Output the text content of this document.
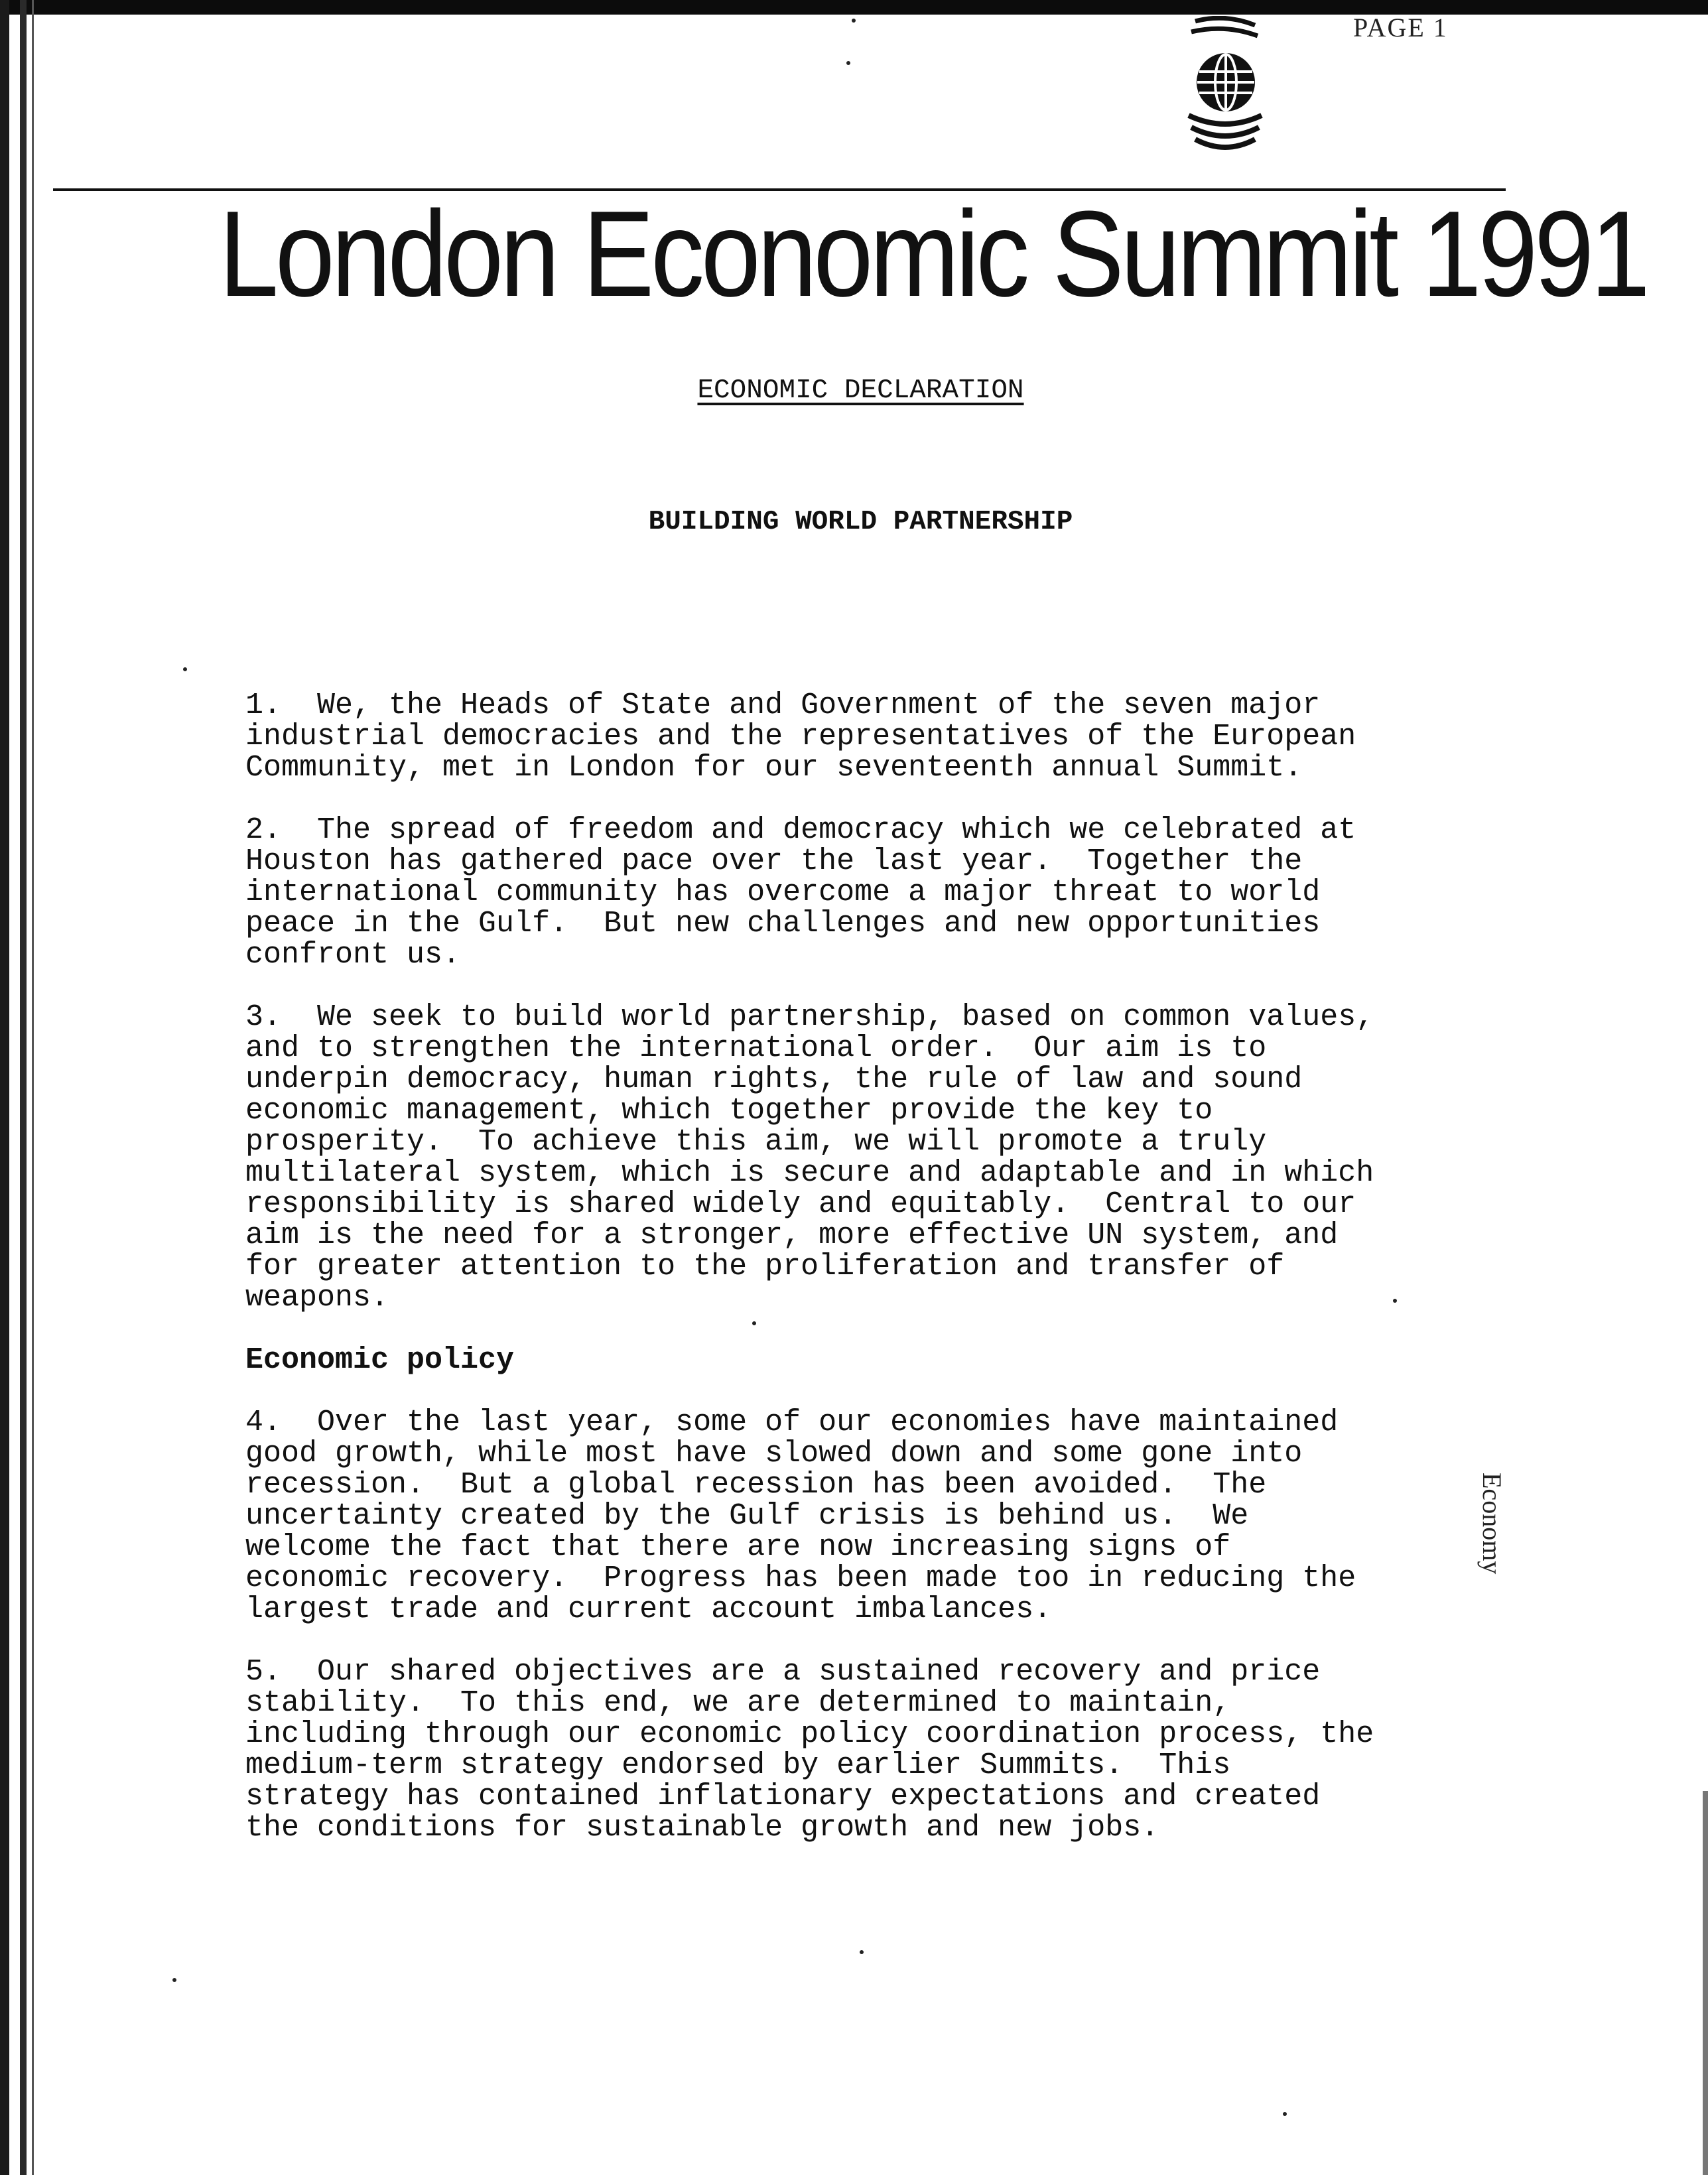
PAGE 1
London Economic Summit 1991
ECONOMIC DECLARATION
BUILDING WORLD PARTNERSHIP

1.  We, the Heads of State and Government of the seven major
industrial democracies and the representatives of the European
Community, met in London for our seventeenth annual Summit.

2.  The spread of freedom and democracy which we celebrated at
Houston has gathered pace over the last year.  Together the
international community has overcome a major threat to world
peace in the Gulf.  But new challenges and new opportunities
confront us.

3.  We seek to build world partnership, based on common values,
and to strengthen the international order.  Our aim is to
underpin democracy, human rights, the rule of law and sound
economic management, which together provide the key to
prosperity.  To achieve this aim, we will promote a truly
multilateral system, which is secure and adaptable and in which
responsibility is shared widely and equitably.  Central to our
aim is the need for a stronger, more effective UN system, and
for greater attention to the proliferation and transfer of
weapons.

Economic policy

4.  Over the last year, some of our economies have maintained
good growth, while most have slowed down and some gone into
recession.  But a global recession has been avoided.  The
uncertainty created by the Gulf crisis is behind us.  We
welcome the fact that there are now increasing signs of
economic recovery.  Progress has been made too in reducing the
largest trade and current account imbalances.

5.  Our shared objectives are a sustained recovery and price
stability.  To this end, we are determined to maintain,
including through our economic policy coordination process, the
medium-term strategy endorsed by earlier Summits.  This
strategy has contained inflationary expectations and created
the conditions for sustainable growth and new jobs.

Economy
